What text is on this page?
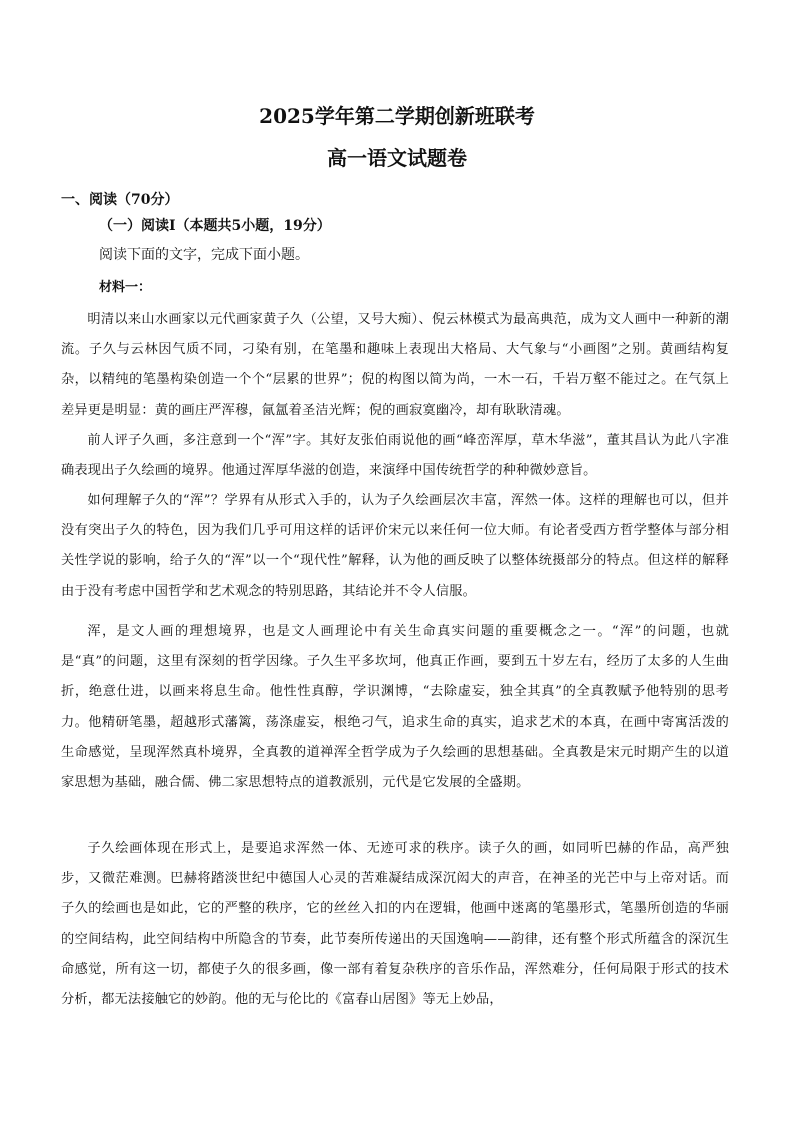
2025学年第二学期创新班联考
高一语文试题卷
一、阅读（70分）
（一）阅读Ⅰ（本题共5小题，19分）
阅读下面的文字，完成下面小题。
材料一：

明清以来山水画家以元代画家黄子久（公望，又号大痴）、倪云林模式为最高典范，成为文人画中一种新的潮流。子久与云林因气质不同，刁染有别，在笔墨和趣味上表现出大格局、大气象与“小画图”之别。黄画结构复杂，以精纯的笔墨构染创造一个个“层累的世界”；倪的构图以简为尚，一木一石，千岩万壑不能过之。在气氛上差异更是明显：黄的画庄严浑穆，氤氲着圣洁光辉；倪的画寂寞幽冷，却有耿耿清魂。

前人评子久画，多注意到一个“浑”字。其好友张伯雨说他的画“峰峦浑厚，草木华滋”，董其昌认为此八字准确表现出子久绘画的境界。他通过浑厚华滋的创造，来演绎中国传统哲学的种种微妙意旨。

如何理解子久的“浑”？学界有从形式入手的，认为子久绘画层次丰富，浑然一体。这样的理解也可以，但并没有突出子久的特色，因为我们几乎可用这样的话评价宋元以来任何一位大师。有论者受西方哲学整体与部分相关性学说的影响，给子久的“浑”以一个“现代性”解释，认为他的画反映了以整体统摄部分的特点。但这样的解释由于没有考虑中国哲学和艺术观念的特别思路，其结论并不令人信服。

浑，是文人画的理想境界，也是文人画理论中有关生命真实问题的重要概念之一。“浑”的问题，也就是“真”的问题，这里有深刻的哲学因缘。子久生平多坎坷，他真正作画，要到五十岁左右，经历了太多的人生曲折，绝意仕进，以画来将息生命。他性性真醇，学识渊博，“去除虚妄，独全其真”的全真教赋予他特别的思考力。他精研笔墨，超越形式藩篱，荡涤虚妄，根绝刁气，追求生命的真实，追求艺术的本真，在画中寄寓活泼的生命感觉，呈现浑然真朴境界，全真教的道禅浑全哲学成为子久绘画的思想基础。全真教是宋元时期产生的以道家思想为基础，融合儒、佛二家思想特点的道教派别，元代是它发展的全盛期。

子久绘画体现在形式上，是要追求浑然一体、无迹可求的秩序。读子久的画，如同听巴赫的作品，高严独步，又微茫难测。巴赫将踏淡世纪中德国人心灵的苦难凝结成深沉闳大的声音，在神圣的光芒中与上帝对话。而子久的绘画也是如此，它的严整的秩序，它的丝丝入扣的内在逻辑，他画中迷离的笔墨形式，笔墨所创造的华丽的空间结构，此空间结构中所隐含的节奏，此节奏所传递出的天国逸响——韵律，还有整个形式所蕴含的深沉生命感觉，所有这一切，都使子久的很多画，像一部有着复杂秩序的音乐作品，浑然难分，任何局限于形式的技术分析，都无法接触它的妙韵。他的无与伦比的《富春山居图》等无上妙品，
